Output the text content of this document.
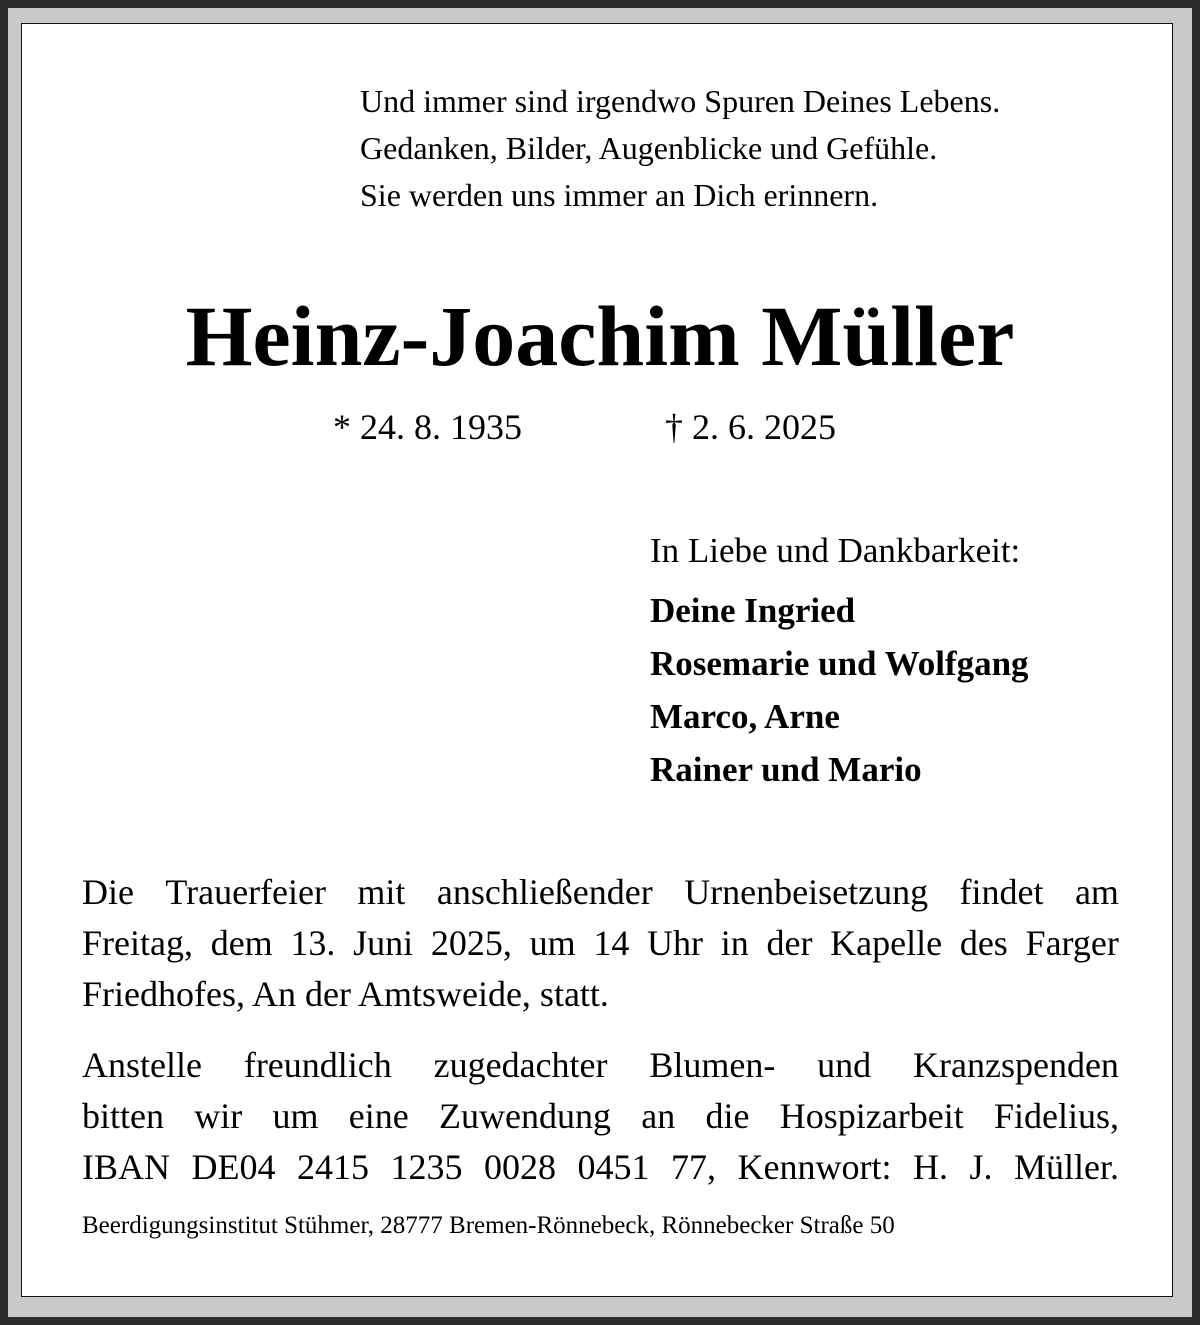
Und immer sind irgendwo Spuren Deines Lebens.
Gedanken, Bilder, Augenblicke und Gefühle.
Sie werden uns immer an Dich erinnern.
Heinz-Joachim Müller
* 24. 8. 1935	† 2. 6. 2025
In Liebe und Dankbarkeit:
Deine Ingried
Rosemarie und Wolfgang
Marco, Arne
Rainer und Mario
Die Trauerfeier mit anschließender Urnenbeisetzung findet am
Freitag, dem 13. Juni 2025, um 14 Uhr in der Kapelle des Farger
Friedhofes, An der Amtsweide, statt.
Anstelle freundlich zugedachter Blumen- und Kranzspenden
bitten wir um eine Zuwendung an die Hospizarbeit Fidelius,
IBAN DE04 2415 1235 0028 0451 77, Kennwort: H. J. Müller.
Beerdigungsinstitut Stühmer, 28777 Bremen-Rönnebeck, Rönnebecker Straße 50
